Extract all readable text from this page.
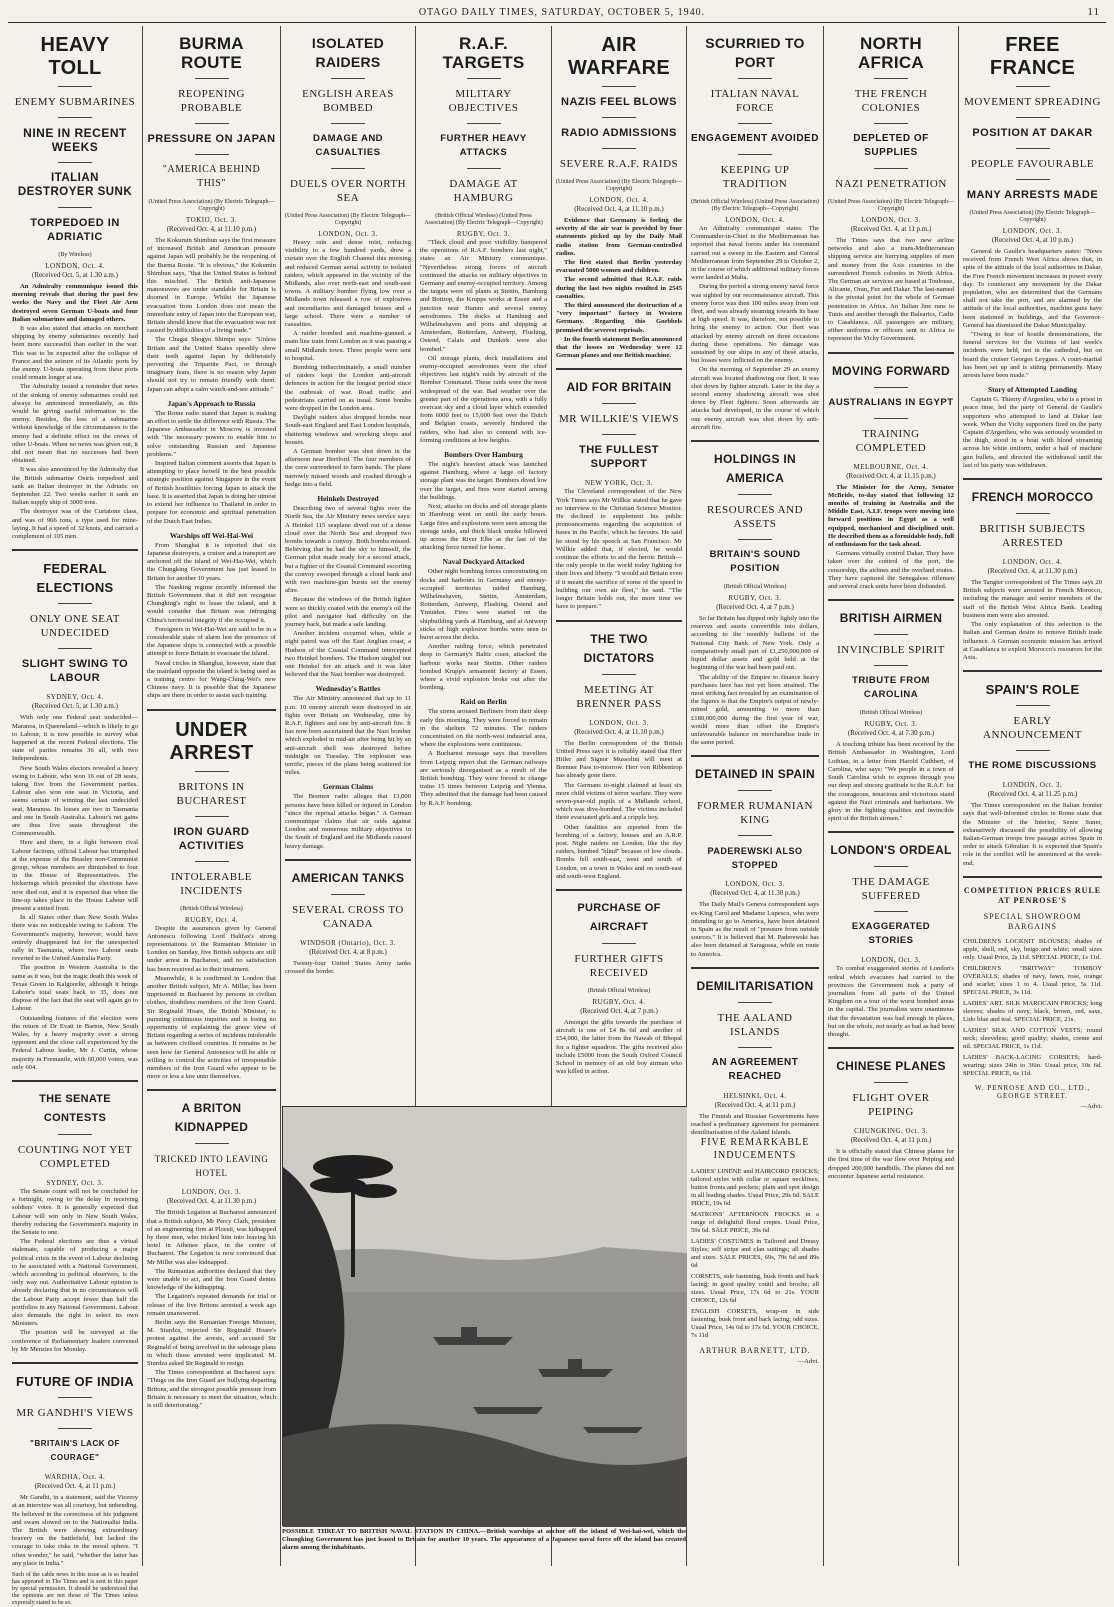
OTAGO DAILY TIMES, SATURDAY, OCTOBER 5, 1940.	11
HEAVY TOLL
ENEMY SUBMARINES
NINE IN RECENT WEEKS
ITALIAN DESTROYER SUNK
TORPEDOED IN ADRIATIC
(By Wireless)
LONDON, Oct. 4.
(Received Oct. 5, at 1.30 a.m.)

An Admiralty communique issued this morning reveals that during the past few weeks the Navy and the Fleet Air Arm destroyed seven German U-boats and four Italian submarines and damaged others.

It was also stated that attacks on merchant shipping by enemy submarines recently had been more successful than earlier in the war. This was to be expected after the collapse of France and the seizure of its Atlantic ports by the enemy. U-boats operating from these ports could remain longer at sea.

The Admiralty issued a reminder that news of the sinking of enemy submarines could not always be announced immediately, as this would be giving useful information to the enemy. Besides, the loss of a submarine without knowledge of the circumstances to the enemy had a definite effect on the crews of other U-boats. When no news was given out, it did not mean that no successes had been obtained.

It was also announced by the Admiralty that the British submarine Osiris torpedoed and sank an Italian destroyer in the Adriatic on September 22. Two weeks earlier it sank an Italian supply ship of 3000 tons.

The destroyer was of the Curtatone class, and was of 966 tons, a type used for mine-laying. It had a speed of 32 knots, and carried a complement of 105 men.

FEDERAL ELECTIONS
ONLY ONE SEAT UNDECIDED
SLIGHT SWING TO LABOUR
SYDNEY, Oct. 4.
(Received Oct. 5, at 1.30 a.m.)

With only one Federal seat undecided—Maranoa, in Queensland—which is likely to go to Labour, it is now possible to survey what happened at the recent Federal elections. The state of parties remains 36 all, with two Independents.

New South Wales electors revealed a heavy swing to Labour, who won 16 out of 28 seats, taking five from the Government parties. Labour also won one seat in Victoria, and seems certain of winning the last undecided seat, Maranoa. Its losses are two in Tasmania and one in South Australia. Labour's net gains are thus five seats throughout the Commonwealth.

Here and there, in a fight between rival Labour factions, official Labour has triumphed at the expense of the Beasley non-Communist group, whose members are diminished to four in the House of Representatives. The bickerings which preceded the elections have now died out, and it is expected that when the line-up takes place in the House Labour will present a united front.

In all States other than New South Wales there was no noticeable swing to Labour. The Government's majority, however, would have entirely disappeared but for the unexpected rally in Tasmania, where two Labour seats reverted to the United Australia Party.

The position in Western Australia is the same as it was, but the tragic death this week of Texas Green in Kalgoorlie, although it brings Labour's total seats back to 35, does not dispose of the fact that the seat will again go to Labour.

Outstanding features of the election were the return of Dr Evatt in Barton, New South Wales, by a heavy majority over a strong opponent and the close call experienced by the Federal Labour leader, Mr J. Curtin, whose majority in Fremantle, with 60,000 voters, was only 604.

THE SENATE CONTESTS
COUNTING NOT YET COMPLETED
SYDNEY, Oct. 3.

The Senate count will not be concluded for a fortnight, owing to the delay in receiving soldiers' votes. It is generally expected that Labour will win only in New South Wales, thereby reducing the Government's majority in the Senate to one.

The Federal elections are thus a virtual stalemate, capable of producing a major political crisis in the event of Labour declining to be associated with a National Government, which according to political observers, is the only way out. Authoritative Labour opinion is already declaring that in no circumstances will the Labour Party accept fewer than half the portfolios in any National Government. Labour also demands the right to select its own Ministers.

The position will be surveyed at the conference of Parliamentary leaders convened by Mr Menzies for Monday.

FUTURE OF INDIA
MR GANDHI'S VIEWS
"BRITAIN'S LACK OF COURAGE"
WARDHA, Oct. 4.
(Received Oct. 4, at 11 p.m.)

Mr Gandhi, in a statement, said the Viceroy at an interview was all courtesy, but unbending. He believed in the correctness of his judgment and swam slowed on to the Nationalist India. The British were showing extraordinary bravery on the battlefield, but lacked the courage to take risks in the moral sphere. "I often wonder," he said, "whether the latter has any place in India."

Such of the cable news in this issue as is so headed has appeared in The Times and is sent to this paper by special permission. It should be understood that the opinions are not those of The Times unless expressly stated to be so.
BURMA ROUTE
REOPENING PROBABLE
PRESSURE ON JAPAN
"AMERICA BEHIND THIS"
(United Press Association) (By Electric Telegraph—Copyright)
TOKIO, Oct. 3.
(Received Oct. 4, at 11.10 p.m.)

The Kokumin Shimbun says the first measure of increased British and American pressure against Japan will probably be the reopening of the Burma Route. "It is obvious," the Kokumin Shimbun says, "that the United States is behind this mischief. The British anti-Japanese manoeuvres are under standable for Britain is doomed in Europe. Whilst the Japanese evacuation from London does not mean the immediate entry of Japan into the European war, Britain should know that the evacuation was not caused by difficulties of a living trade."

The Chugai Shogyo Shimpo says: "Unless Britain and the United States speedily show their teeth against Japan by deliberately perverting the Tripartite Pact, or through imaginary fears, there is no reason why Japan should not try to remain friendly with them. Japan can adopt a calm watch-and-see attitude."

Japan's Approach to Russia

The Rome radio stated that Japan is making an effort to settle the difference with Russia. The Japanese Ambassador in Moscow is invested with "the necessary powers to enable him to solve outstanding Russian and Japanese problems."

Inspired Italian comment asserts that Japan is attempting to place herself in the best possible strategic position against Singapore in the event of British hostilities forcing Japan to attack the base. It is asserted that Japan is doing her utmost to extend her influence to Thailand in order to prepare for economic and spiritual penetration of the Dutch East Indies.

Warships off Wei-Hai-Wei

From Shanghai it is reported that six Japanese destroyers, a cruiser and a transport are anchored off the island of Wei-Hai-Wei, which the Chungking Government has just leased to Britain for another 10 years.

The Nanking regime recently informed the British Government that it did not recognise Chungking's right to lease the island, and it would consider that Britain was infringing China's territorial integrity if she occupied it.

Foreigners in Wei-Hai-Wei are said to be in a considerable state of alarm lest the presence of the Japanese ships is connected with a possible attempt to force Britain to evacuate the island.

Naval circles in Shanghai, however, state that the mainland opposite the island is being used as a training centre for Wang-Ching-Wei's new Chinese navy. It is possible that the Japanese ships are there in order to assist such training.

UNDER ARREST
BRITONS IN BUCHAREST
IRON GUARD ACTIVITIES
INTOLERABLE INCIDENTS
(British Official Wireless)
RUGBY, Oct. 4.

Despite the assurances given by General Antonescu following Lord Halifax's strong representations to the Rumanian Minister in London on Sunday, five British subjects are still under arrest in Bucharest, and no satisfaction has been received as to their treatment.

Meanwhile, it is confirmed in London that another British subject, Mr A. Millar, has been imprisoned in Bucharest by persons in civilian clothes, doubtless members of the Iron Guard. Sir Reginald Hoare, the British Minister, is pursuing continuous inquiries and is losing no opportunity of explaining the grave view of Britain regarding a series of incidents intolerable as between civilised countries. It remains to be seen how far General Antonescu will be able or willing to control the activities of irresponsible members of the Iron Guard who appear to be more or less a law unto themselves.

A BRITON KIDNAPPED
TRICKED INTO LEAVING HOTEL
LONDON, Oct. 3.
(Received Oct. 4, at 11.30 p.m.)

The British Legation at Bucharest announced that a British subject, Mr Percy Clark, president of an engineering firm at Ploesti, was kidnapped by three men, who tricked him into leaving his hotel in Athenee place, in the centre of Bucharest. The Legation is now convinced that Mr Miller was also kidnapped.

The Rumanian authorities declared that they were unable to act, and the Iron Guard denies knowledge of the kidnapping.

The Legation's repeated demands for trial or release of the five Britons arrested a week ago remain unanswered.

Berlin says the Rumanian Foreign Minister, M. Sturdza, rejected Sir Reginald Hoare's protest against the arrests, and accused Sir Reginald of being involved in the sabotage plans in which those arrested were implicated. M. Sturdza asked Sir Reginald to resign.

The Times correspondent at Bucharest says: "Thugs on the Iron Guard are bullying departing Britons, and the strongest possible pressure from Britain is necessary to meet the situation, which is still deteriorating."

ISOLATED RAIDERS
ENGLISH AREAS BOMBED
DAMAGE AND CASUALTIES
DUELS OVER NORTH SEA
(United Press Association) (By Electric Telegraph—Copyright)
LONDON, Oct. 3.

Heavy rain and dense mist, reducing visibility to a few hundred yards, drew a curtain over the English Channel this morning and reduced German aerial activity to isolated raiders, which appeared in the vicinity of the Midlands, also over north-east and south-east towns. A military bomber flying low over a Midlands town released a row of explosives and incendiaries and damaged houses and a large school. There were a number of casualties.

A raider bombed and machine-gunned a main line train from London as it was passing a small Midlands town. Three people were sent to hospital.

Bombing indiscriminately, a small number of raiders kept the London anti-aircraft defences in action for the longest period since the outbreak of war. Road traffic and pedestrians carried on as usual. Some bombs were dropped in the London area.

Daylight raiders also dropped bombs near South-east England and East London hospitals, shattering windows and wrecking shops and houses.

A German bomber was shot down in the afternoon near Hertford. The four members of the crew surrendered to farm hands. The plane narrowly missed woods and crashed through a hedge into a field.

Heinkels Destroyed

Describing two of several fights over the North Sea, the Air Ministry news service says: A Heinkel 115 seaplane dived out of a dense cloud over the North Sea and dropped two bombs towards a convoy. Both bombs missed. Believing that he had the sky to himself, the German pilot made ready for a second attack, but a fighter of the Coastal Command escorting the convoy swooped through a cloud bank and with two machine-gun bursts set the enemy afire.

Because the windows of the British fighter were so thickly coated with the enemy's oil the pilot and navigator had difficulty on the journey back, but made a safe landing.

Another incident occurred when, while a night patrol was off the East Anglian coast, a Hudson of the Coastal Command intercepted two Heinkel bombers. The Hudson singled out one Heinkel for an attack and it was later believed that the Nazi bomber was destroyed.

Wednesday's Battles

The Air Ministry announced that up to 11 p.m. 10 enemy aircraft were destroyed in air fights over Britain on Wednesday, nine by R.A.F. fighters and one by anti-aircraft fire. It has now been ascertained that the Nazi bomber which exploded in mid-air after being hit by an anti-aircraft shell was destroyed before midnight on Tuesday. The explosion was terrific, pieces of the plane being scattered for miles.

German Claims

The Bremen radio alleges that 13,000 persons have been killed or injured in London "since the reprisal attacks began." A German communique claims that air raids against London and numerous military objectives in the South of England and the Midlands caused heavy damage.

AMERICAN TANKS
SEVERAL CROSS TO CANADA
WINDSOR (Ontario), Oct. 3.
(Received Oct. 4, at 8 p.m.)

Twenty-four United States Army tanks crossed the border.

R.A.F. TARGETS
MILITARY OBJECTIVES
FURTHER HEAVY ATTACKS
DAMAGE AT HAMBURG
(British Official Wireless) (United Press Association) (By Electric Telegraph—Copyright)
RUGBY, Oct. 3.

"Thick cloud and poor visibility hampered the operations of R.A.F. bombers last night," states an Air Ministry communique. "Nevertheless strong forces of aircraft continued the attacks on military objectives in Germany and enemy-occupied territory. Among the targets were oil plants at Stettin, Hamburg and Bottrop, the Krupps works at Essen and a junction near Hamm and several enemy aerodromes. The docks at Hamburg and Wilhelmshaven and ports and shipping at Amsterdam, Rotterdam, Antwerp, Flushing, Ostend, Calais and Dunkirk were also bombed."

Oil storage plants, dock installations and enemy-occupied aerodromes were the chief objectives last night's raids by aircraft of the Bomber Command. These raids were the most widespread of the war. Bad weather over the greater part of the operations area, with a fully overcast sky and a cloud layer which extended from 6000 feet to 15,000 feet over the Dutch and Belgian coasts, severely hindered the raiders, who had also to contend with ice-forming conditions at low heights.

Bombers Over Hamburg

The night's heaviest attack was launched against Hamburg, where a large oil factory storage plant was the target. Bombers dived low over the target, and fires were started among the buildings.

Next, attacks on docks and oil storage plants in Hamburg went on until the early hours. Large fires and explosions were seen among the storage tanks, and thick black smoke billowed up across the River Elbe as the last of the attacking force turned for home.

Naval Dockyard Attacked

Other night bombing forces concentrating on docks and harbours in Germany and enemy-occupied territories raided Hamburg, Wilhelmshaven, Stettin, Amsterdam, Rotterdam, Antwerp, Flushing, Ostend and Ymuiden. Fires were started on the shipbuilding yards at Hamburg, and at Antwerp sticks of high explosive bombs were seen to burst across the docks.

Another raiding force, which penetrated deep to Germany's Baltic coast, attacked the harbour works near Stettin. Other raiders bombed Krupp's armament factory at Essen, where a vivid explosion broke out after the bombing.

Raid on Berlin

The sirens aroused Berliners from their sleep early this morning. They were forced to remain in the shelters 72 minutes. The raiders concentrated on the north-west industrial area, where the explosions were continuous.

A Bucharest message says that travellers from Leipzig report that the German railways are seriously disorganised as a result of the British bombing. They were forced to change trains 15 times between Leipzig and Vienna. They admitted that the damage had been caused by R.A.F. bombing.

AIR WARFARE
NAZIS FEEL BLOWS
RADIO ADMISSIONS
SEVERE R.A.F. RAIDS
(United Press Association) (By Electric Telegraph—Copyright)
LONDON, Oct. 4.
(Received Oct. 4, at 11.10 p.m.)

Evidence that Germany is feeling the severity of the air war is provided by four statements picked up by the Daily Mail radio station from German-controlled radios.

The first stated that Berlin yesterday evacuated 5000 women and children.

The second admitted that R.A.F. raids during the last two nights resulted in 2545 casualties.

The third announced the destruction of a "very important" factory in Western Germany. Regarding this Goebbels promised the severest reprisals.

In the fourth statement Berlin announced that the losses on Wednesday were 12 German planes and one British machine.

AID FOR BRITAIN
MR WILLKIE'S VIEWS
THE FULLEST SUPPORT
NEW YORK, Oct. 3.

The Cleveland correspondent of the New York Times says Mr Willkie stated that he gave no interview to the Christian Science Monitor. He declined to supplement his public pronouncements regarding the acquisition of bases in the Pacific, which he favours. He said he stood by his speech at San Francisco. Mr Willkie added that, if elected, he would continue the efforts to aid the heroic British—the only people in the world today fighting for their lives and liberty. "I would aid Britain even if it meant the sacrifice of some of the speed in building our own air fleet," he said. "The longer Britain holds out, the more time we have to prepare."

THE TWO DICTATORS
MEETING AT BRENNER PASS
LONDON, Oct. 3.
(Received Oct. 4, at 11.10 p.m.)

The Berlin correspondent of the British United Press says it is reliably stated that Herr Hitler and Signor Mussolini will meet at Brenner Pass to-morrow. Herr von Ribbentrop has already gone there.

The Germans to-night claimed at least six more child victims of terror warfare. They were seven-year-old pupils of a Midlands school, which was dive-bombed. The victims included three evacuated girls and a cripple boy.

Other fatalities are reported from the bombing of a factory, houses and an A.R.P. post. Night raiders on London, like the day raiders, bombed "blind" because of low clouds. Bombs fell south-east, west and south of London, on a town in Wales and on south-east and south-west England.

PURCHASE OF AIRCRAFT
FURTHER GIFTS RECEIVED
(British Official Wireless)
RUGBY, Oct. 4.
(Received Oct. 4, at 7 p.m.)

Amongst the gifts towards the purchase of aircraft is one of £4 8s 6d and another of £54,000, the latter from the Nawab of Bhopal for a fighter squadron. The gifts received also include £5000 from the South Oxford Council School in memory of an old boy airman who was killed in action.

SCURRIED TO PORT
ITALIAN NAVAL FORCE
ENGAGEMENT AVOIDED
KEEPING UP TRADITION
(British Official Wireless) (United Press Association) (By Electric Telegraph—Copyright)
LONDON, Oct. 4.

An Admiralty communique states: The Commander-in-Chief in the Mediterranean has reported that naval forces under his command carried out a sweep in the Eastern and Central Mediterranean from September 29 to October 2, in the course of which additional military forces were landed at Malta.

During the period a strong enemy naval force was sighted by our reconnaissance aircraft. This enemy force was then 100 miles away from our fleet, and was already steaming towards its base at high speed. It was, therefore, not possible to bring the enemy to action. Our fleet was attacked by enemy aircraft on three occasions during these operations. No damage was sustained by our ships in any of these attacks, but losses were inflicted on the enemy.

On the morning of September 29 an enemy aircraft was located shadowing our fleet. It was shot down by fighter aircraft. Later in the day a second enemy shadowing aircraft was shot down by Fleet fighters. Soon afterwards air attacks had developed, in the course of which one enemy aircraft was shot down by anti-aircraft fire.

HOLDINGS IN AMERICA
RESOURCES AND ASSETS
BRITAIN'S SOUND POSITION
(British Official Wireless)
RUGBY, Oct. 3.
(Received Oct. 4, at 7 p.m.)

So far Britain has dipped only lightly into the reserves and assets convertible into dollars, according to the monthly bulletin of the National City Bank of New York. Only a comparatively small part of £1,250,000,000 of liquid dollar assets and gold held at the beginning of the war had been paid out.

The ability of the Empire to finance heavy purchases here has not yet been strained. The most striking fact revealed by an examination of the figures is that the Empire's output of newly-mined gold, amounting to more than £180,000,000 during the first year of war, would more than offset the Empire's unfavourable balance on merchandise trade in the same period.

DETAINED IN SPAIN
FORMER RUMANIAN KING
PADEREWSKI ALSO STOPPED
LONDON, Oct. 3.
(Received Oct. 4, at 11.30 p.m.)

The Daily Mail's Geneva correspondent says ex-King Carol and Madame Lupescu, who were intending to go to America, have been detained in Spain as the result of "pressure from outside sources." It is believed that M. Paderewski has also been detained at Saragossa, while en route to America.

DEMILITARISATION
THE AALAND ISLANDS
AN AGREEMENT REACHED
HELSINKI, Oct. 4.
(Received Oct. 4, at 11 p.m.)

The Finnish and Russian Governments have reached a preliminary agreement for permanent demilitarisation of the Aaland Islands.

FIVE REMARKABLE INDUCEMENTS
LADIES' LINENE and HAIRCORD FROCKS; tailored styles with collar or square necklines; button fronts and pockets; plain and spot design in all leading shades. Usual Price, 29s 6d. SALE PRICE, 19s 6d
MATRONS' AFTERNOON FROCKS in a range of delightful floral crepes. Usual Price, 59s 6d. SALE PRICE, 39s 6d
LADIES' COSTUMES in Tailored and Dressy Styles; self stripe and clan suitings; all shades and sizes. SALE PRICES, 69s, 79s 6d and 89s 6d
CORSETS, side fastening, busk fronts and back lacing; in good quality coutil and broche; all sizes. Usual Price, 17s 6d to 21s. YOUR CHOICE, 12s 6d
ENGLISH CORSETS, wrap-on in side fastening, busk front and back lacing; odd sizes. Usual Price, 14s 6d to 17s 6d. YOUR CHOICE, 7s 11d
ARTHUR BARNETT, LTD.
—Advt.
NORTH AFRICA
THE FRENCH COLONIES
DEPLETED OF SUPPLIES
NAZI PENETRATION
(United Press Association) (By Electric Telegraph—Copyright)
LONDON, Oct. 3.
(Received Oct. 4, at 11 p.m.)

The Times says that two new airline networks and also a trans-Mediterranean shipping service are hurrying supplies of men and money from the Axis countries to the surrendered French colonies in North Africa. The German air services are based at Toulouse, Alicante, Oran, Fez and Dakar. The last-named is the pivotal point for the whole of German penetration in Africa. An Italian line runs to Tunis and another through the Balearics, Cadiz to Casablanca. All passengers are military, either uniforms or officers sent to Africa to represent the Vichy Government.

MOVING FORWARD
AUSTRALIANS IN EGYPT
TRAINING COMPLETED
MELBOURNE, Oct. 4.
(Received Oct. 4, at 11.15 p.m.)

The Minister for the Army, Senator McBride, to-day stated that following 12 months of training in Australia and the Middle East, A.I.F. troops were moving into forward positions in Egypt as a well equipped, mechanised and disciplined unit. He described them as a formidable body, full of enthusiasm for the task ahead.

Germans virtually control Dakar. They have taken over the control of the port, the censorship, the airlines and the overland routes. They have captured the Senegalese riflemen and several crack units have been disbanded.

BRITISH AIRMEN
INVINCIBLE SPIRIT
TRIBUTE FROM CAROLINA
(British Official Wireless)
RUGBY, Oct. 3.
(Received Oct. 4, at 7.30 p.m.)

A touching tribute has been received by the British Ambassador in Washington, Lord Lothian, in a letter from Harold Cuthbert, of Carolina, who says: "We people in a town of South Carolina wish to express through you our deep and sincere gratitude to the R.A.F. for the courageous, tenacious and victorious stand against the Nazi criminals and barbarians. We glory in the fighting qualities and invincible spirit of the British airmen."

LONDON'S ORDEAL
THE DAMAGE SUFFERED
EXAGGERATED STORIES
LONDON, Oct. 3.

To combat exaggerated stories of London's ordeal which evacuees had carried to the provinces the Government took a party of journalists from all parts of the United Kingdom on a tour of the worst bombed areas in the capital. The journalists were unanimous that the devastation was bad enough in places, but on the whole, not nearly as bad as had been thought.

CHINESE PLANES
FLIGHT OVER PEIPING
CHUNGKING, Oct. 3.
(Received Oct. 4, at 11 p.m.)

It is officially stated that Chinese planes for the first time of the war flew over Peiping and dropped 200,000 handbills. The planes did not encounter Japanese aerial resistance.

FREE FRANCE
MOVEMENT SPREADING
POSITION AT DAKAR
PEOPLE FAVOURABLE
MANY ARRESTS MADE
(United Press Association) (By Electric Telegraph—Copyright)
LONDON, Oct. 3.
(Received Oct. 4, at 10 p.m.)

General de Gaulle's headquarters states: "News received from French West Africa shows that, in spite of the attitude of the local authorities in Dakar, the Free French movement increases in power every day. To counteract any movement by the Dakar population, who are determined that the Germans shall not take the port, and are alarmed by the attitude of the local authorities, machine guns have been stationed in buildings, and the Governor-General has dismissed the Dakar Municipality.

"Owing to fear of hostile demonstrations, the funeral services for the victims of last week's incidents were held, not in the cathedral, but on board the cruiser Georges Leygues. A court-martial has been set up and is sitting permanently. Many arrests have been made."

Story of Attempted Landing

Captain G. Thierry d'Argenlieu, who is a priest in peace time, led the party of General de Gaulle's supporters who attempted to land at Dakar last week. When the Vichy supporters fired on the party Captain d'Argenlieu, who was seriously wounded in the thigh, stood in a boat with blood streaming across his white uniform, under a hail of machine gun bullets, and directed the withdrawal until the last of his party was withdrawn.

FRENCH MOROCCO
BRITISH SUBJECTS ARRESTED
LONDON, Oct. 4.
(Received Oct. 4, at 11.30 p.m.)

The Tangier correspondent of The Times says 20 British subjects were arrested in French Morocco, including the manager and senior members of the staff of the British West Africa Bank. Leading business men were also arrested.

The only explanation of this selection is the Italian and German desire to remove British trade influence. A German economic mission has arrived at Casablanca to exploit Morocco's resources for the Axis.

SPAIN'S ROLE
EARLY ANNOUNCEMENT
THE ROME DISCUSSIONS
LONDON, Oct. 3.
(Received Oct. 4, at 11.25 p.m.)

The Times correspondent on the Italian frontier says that well-informed circles in Rome state that the Minister of the Interior, Senor Suner, exhaustively discussed the possibility of allowing Italian-German troops free passage across Spain in order to attack Gibraltar. It is expected that Spain's role in the conflict will be announced at the week-end.

COMPETITION PRICES RULE AT PENROSE'S
SPECIAL SHOWROOM BARGAINS
CHILDREN'S LOCKNIT BLOUSES; shades of apple, shell, red, sky, beige and white; small sizes only. Usual Price, 2s 11d. SPECIAL PRICE, 1s 11d.
CHILDREN'S "BRITWAY" TOMBOY OVERALLS; shades of navy, fawn, rose, orange and scarlet; sizes 1 to 4. Usual price, 5s 11d. SPECIAL PRICE, 3s 11d.
LADIES' ART. SILK MAROCAIN FROCKS; long sleeves; shades of navy, black, brown, red, saxe, Lido blue and teal. SPECIAL PRICE, 21s.
LADIES' SILK AND COTTON VESTS; round neck; sleeveless; good quality; shades, creme and nil. SPECIAL PRICE, 1s 11d.
LADIES' BACK-LACING CORSETS; hard-wearing; sizes 24in to 36in. Usual price, 10s 6d. SPECIAL PRICE, 6s 11d.
W. PENROSE AND CO., LTD., GEORGE STREET.
—Advt.
POSSIBLE THREAT TO BRITISH NAVAL STATION IN CHINA.—British warships at anchor off the island of Wei-hai-wei, which the Chungking Government has just leased to Britain for another 10 years. The appearance of a Japanese naval force off the island has created alarm among the inhabitants.
